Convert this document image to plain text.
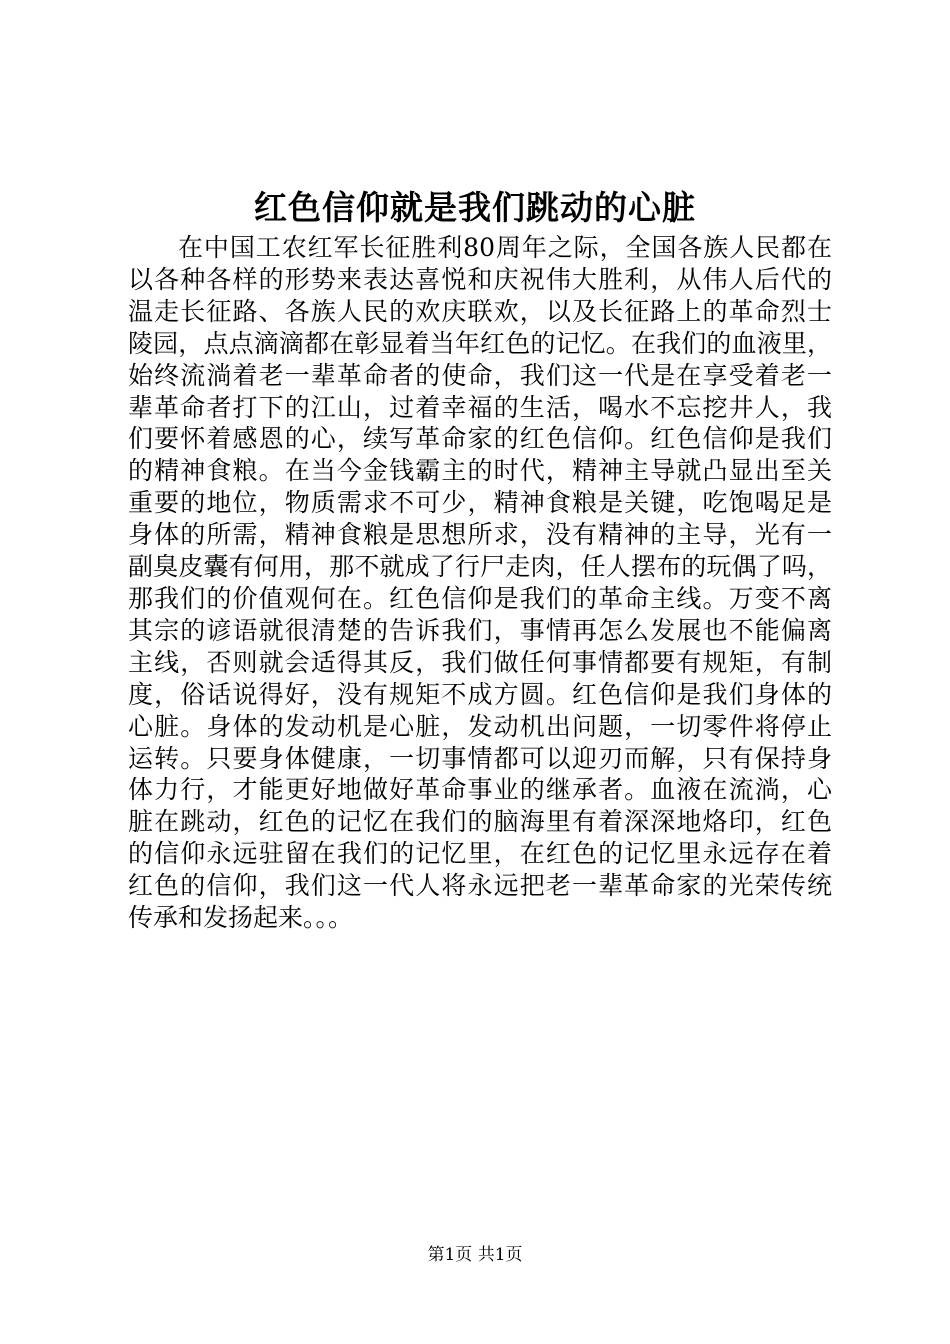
红色信仰就是我们跳动的心脏
在中国工农红军长征胜利80周年之际，全国各族人民都在
以各种各样的形势来表达喜悦和庆祝伟大胜利，从伟人后代的
温走长征路、各族人民的欢庆联欢，以及长征路上的革命烈士
陵园，点点滴滴都在彰显着当年红色的记忆。在我们的血液里，
始终流淌着老一辈革命者的使命，我们这一代是在享受着老一
辈革命者打下的江山，过着幸福的生活，喝水不忘挖井人，我
们要怀着感恩的心，续写革命家的红色信仰。红色信仰是我们
的精神食粮。在当今金钱霸主的时代，精神主导就凸显出至关
重要的地位，物质需求不可少，精神食粮是关键，吃饱喝足是
身体的所需，精神食粮是思想所求，没有精神的主导，光有一
副臭皮囊有何用，那不就成了行尸走肉，任人摆布的玩偶了吗，
那我们的价值观何在。红色信仰是我们的革命主线。万变不离
其宗的谚语就很清楚的告诉我们，事情再怎么发展也不能偏离
主线，否则就会适得其反，我们做任何事情都要有规矩，有制
度，俗话说得好，没有规矩不成方圆。红色信仰是我们身体的
心脏。身体的发动机是心脏，发动机出问题，一切零件将停止
运转。只要身体健康，一切事情都可以迎刃而解，只有保持身
体力行，才能更好地做好革命事业的继承者。血液在流淌，心
脏在跳动，红色的记忆在我们的脑海里有着深深地烙印，红色
的信仰永远驻留在我们的记忆里，在红色的记忆里永远存在着
红色的信仰，我们这一代人将永远把老一辈革命家的光荣传统
传承和发扬起来。。。
第1页 共1页
